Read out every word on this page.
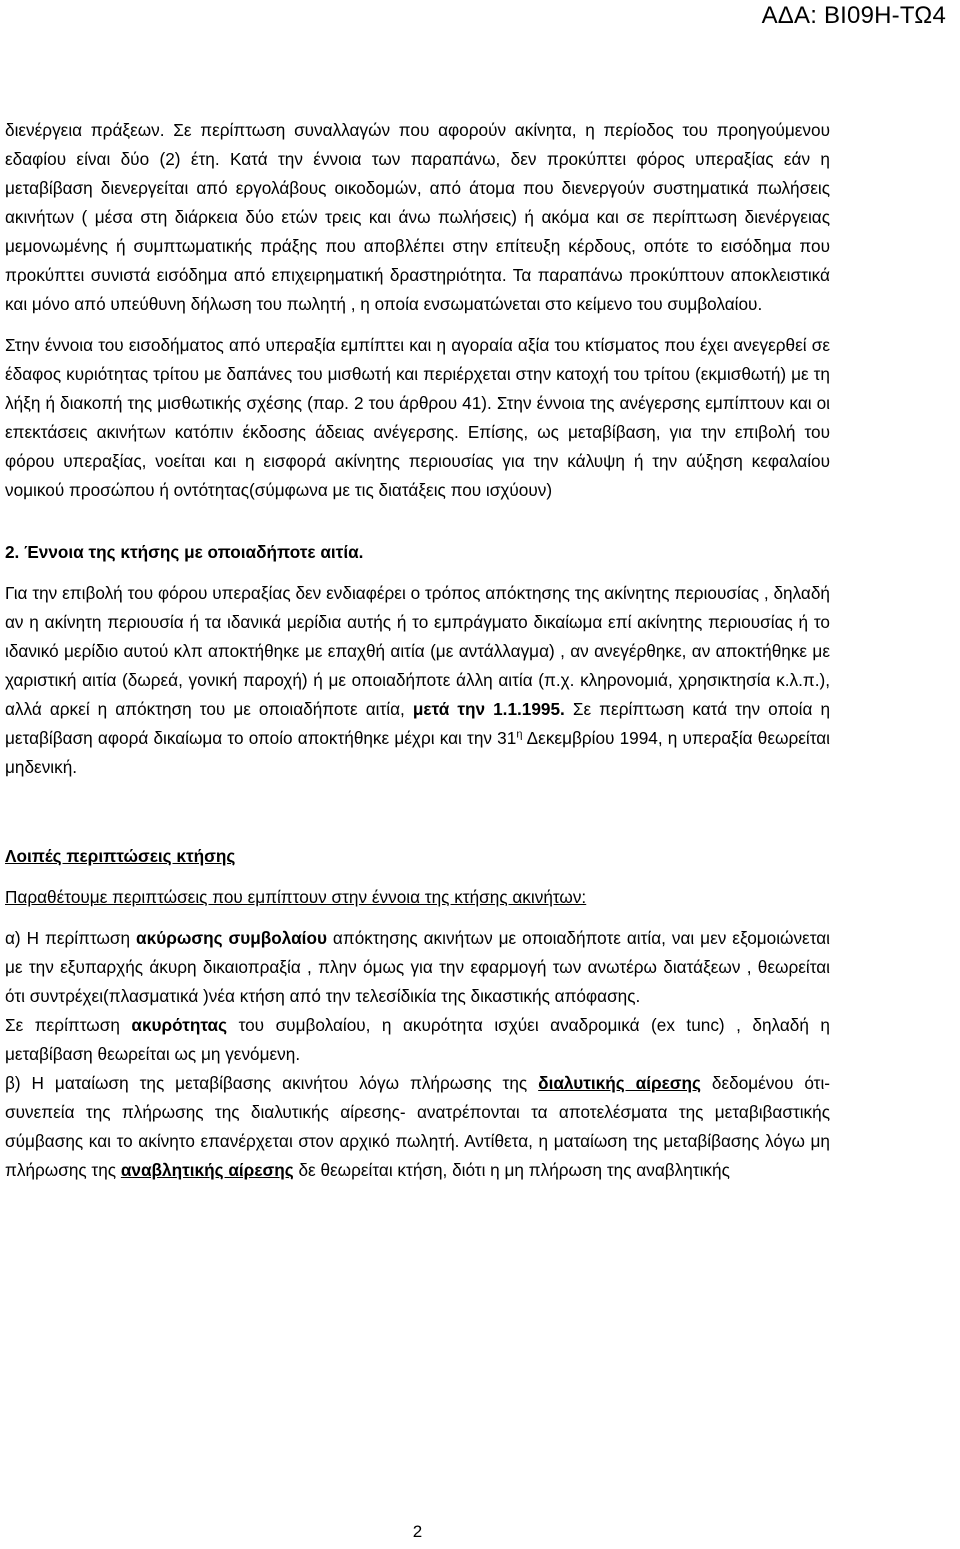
ΑΔΑ: ΒΙ09Η-ΤΩ4

διενέργεια πράξεων. Σε περίπτωση συναλλαγών που αφορούν ακίνητα, η περίοδος του προηγούμενου εδαφίου είναι δύο (2) έτη. Κατά την έννοια των παραπάνω, δεν προκύπτει φόρος υπεραξίας εάν η μεταβίβαση διενεργείται από εργολάβους οικοδομών, από άτομα που διενεργούν συστηματικά πωλήσεις ακινήτων ( μέσα στη διάρκεια δύο ετών τρεις και άνω πωλήσεις) ή ακόμα και σε περίπτωση διενέργειας μεμονωμένης ή συμπτωματικής πράξης που αποβλέπει στην επίτευξη κέρδους, οπότε το εισόδημα που προκύπτει συνιστά εισόδημα από επιχειρηματική δραστηριότητα. Τα παραπάνω προκύπτουν αποκλειστικά και μόνο από υπεύθυνη δήλωση του πωλητή , η οποία ενσωματώνεται στο κείμενο του συμβολαίου.

Στην έννοια του εισοδήματος από υπεραξία εμπίπτει και η αγοραία αξία του κτίσματος που έχει ανεγερθεί σε έδαφος κυριότητας τρίτου με δαπάνες του μισθωτή και περιέρχεται στην κατοχή του τρίτου (εκμισθωτή) με τη λήξη ή διακοπή της μισθωτικής σχέσης (παρ. 2 του άρθρου 41). Στην έννοια της ανέγερσης εμπίπτουν και οι επεκτάσεις ακινήτων κατόπιν έκδοσης άδειας ανέγερσης. Επίσης, ως μεταβίβαση, για την επιβολή του φόρου υπεραξίας, νοείται και η εισφορά ακίνητης περιουσίας για την κάλυψη ή την αύξηση κεφαλαίου νομικού προσώπου ή οντότητας(σύμφωνα με τις διατάξεις που ισχύουν)

2. Έννοια της κτήσης με οποιαδήποτε αιτία.

Για την επιβολή του φόρου υπεραξίας δεν ενδιαφέρει ο τρόπος απόκτησης της ακίνητης περιουσίας , δηλαδή αν η ακίνητη περιουσία ή τα ιδανικά μερίδια αυτής ή το εμπράγματο δικαίωμα επί ακίνητης περιουσίας ή το ιδανικό μερίδιο αυτού κλπ αποκτήθηκε με επαχθή αιτία (με αντάλλαγμα) , αν ανεγέρθηκε, αν αποκτήθηκε με χαριστική αιτία (δωρεά, γονική παροχή) ή με οποιαδήποτε άλλη αιτία (π.χ. κληρονομιά, χρησικτησία κ.λ.π.), αλλά αρκεί η απόκτηση του με οποιαδήποτε αιτία, μετά την 1.1.1995. Σε περίπτωση κατά την οποία η μεταβίβαση αφορά δικαίωμα το οποίο αποκτήθηκε μέχρι και την $31^\eta$ Δεκεμβρίου 1994, η υπεραξία θεωρείται μηδενική.

Λοιπές περιπτώσεις κτήσης

Παραθέτουμε περιπτώσεις που εμπίπτουν στην έννοια της κτήσης ακινήτων:

α) Η περίπτωση ακύρωσης συμβολαίου απόκτησης ακινήτων με οποιαδήποτε αιτία, ναι μεν εξομοιώνεται με την εξυπαρχής άκυρη δικαιοπραξία , πλην όμως για την εφαρμογή των ανωτέρω διατάξεων , θεωρείται ότι συντρέχει(πλασματικά )νέα κτήση από την τελεσίδικία της δικαστικής απόφασης.

Σε περίπτωση ακυρότητας του συμβολαίου, η ακυρότητα ισχύει αναδρομικά (ex tunc) , δηλαδή η μεταβίβαση θεωρείται ως μη γενόμενη.

β) Η ματαίωση της μεταβίβασης ακινήτου λόγω πλήρωσης της διαλυτικής αίρεσης δεδομένου ότι- συνεπεία της πλήρωσης της διαλυτικής αίρεσης- ανατρέπονται τα αποτελέσματα της μεταβιβαστικής σύμβασης και το ακίνητο επανέρχεται στον αρχικό πωλητή. Αντίθετα, η ματαίωση της μεταβίβασης λόγω μη πλήρωσης της αναβλητικής αίρεσης δε θεωρείται κτήση, διότι η μη πλήρωση της αναβλητικής

2
